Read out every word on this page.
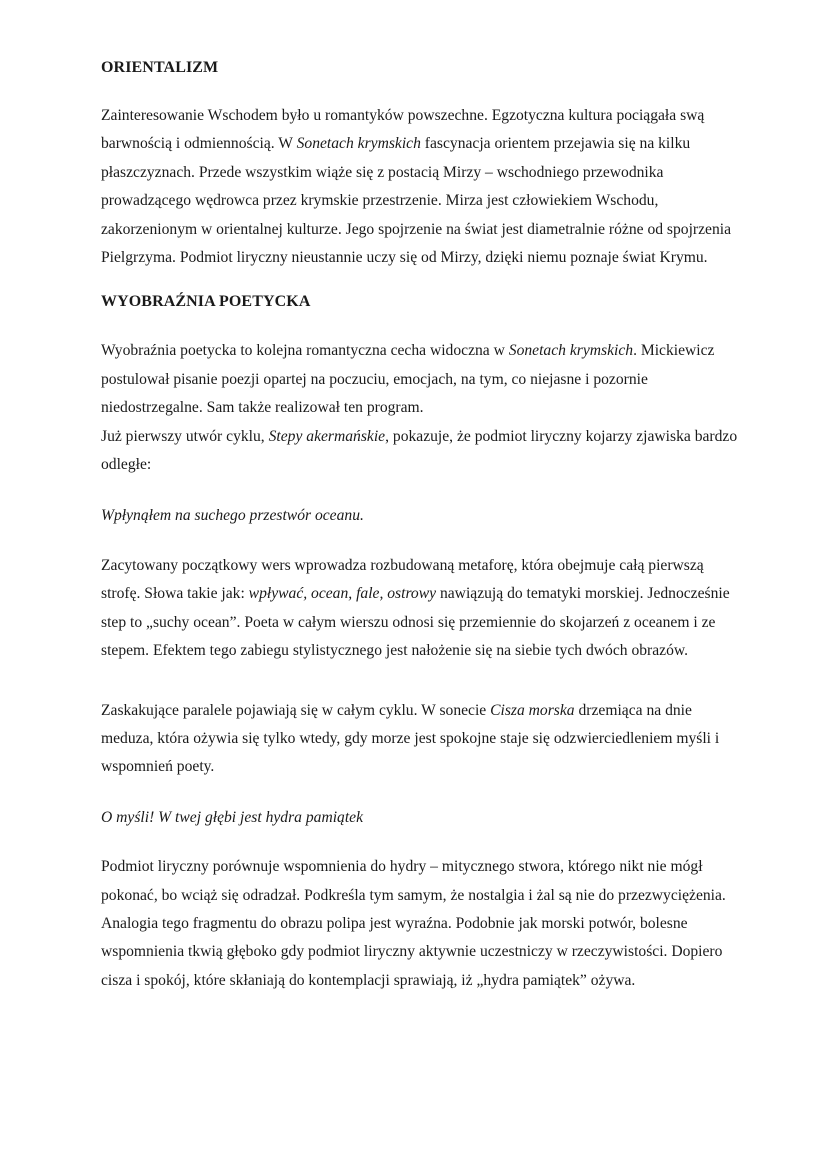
ORIENTALIZM

Zainteresowanie Wschodem było u romantyków powszechne. Egzotyczna kultura pociągała swą barwnością i odmiennością. W Sonetach krymskich fascynacja orientem przejawia się na kilku płaszczyznach. Przede wszystkim wiąże się z postacią Mirzy – wschodniego przewodnika prowadzącego wędrowca przez krymskie przestrzenie. Mirza jest człowiekiem Wschodu, zakorzenionym w orientalnej kulturze. Jego spojrzenie na świat jest diametralnie różne od spojrzenia Pielgrzyma. Podmiot liryczny nieustannie uczy się od Mirzy, dzięki niemu poznaje świat Krymu.

WYOBRAŹNIA POETYCKA

Wyobraźnia poetycka to kolejna romantyczna cecha widoczna w Sonetach krymskich. Mickiewicz postulował pisanie poezji opartej na poczuciu, emocjach, na tym, co niejasne i pozornie niedostrzegalne. Sam także realizował ten program.
Już pierwszy utwór cyklu, Stepy akermańskie, pokazuje, że podmiot liryczny kojarzy zjawiska bardzo odległe:

Wpłynąłem na suchego przestwór oceanu.

Zacytowany początkowy wers wprowadza rozbudowaną metaforę, która obejmuje całą pierwszą strofę. Słowa takie jak: wpływać, ocean, fale, ostrowy nawiązują do tematyki morskiej. Jednocześnie step to „suchy ocean”. Poeta w całym wierszu odnosi się przemiennie do skojarzeń z oceanem i ze stepem. Efektem tego zabiegu stylistycznego jest nałożenie się na siebie tych dwóch obrazów.

Zaskakujące paralele pojawiają się w całym cyklu. W sonecie Cisza morska drzemiąca na dnie meduza, która ożywia się tylko wtedy, gdy morze jest spokojne staje się odzwierciedleniem myśli i wspomnień poety.

O myśli! W twej głębi jest hydra pamiątek

Podmiot liryczny porównuje wspomnienia do hydry – mitycznego stwora, którego nikt nie mógł pokonać, bo wciąż się odradzał. Podkreśla tym samym, że nostalgia i żal są nie do przezwyciężenia. Analogia tego fragmentu do obrazu polipa jest wyraźna. Podobnie jak morski potwór, bolesne wspomnienia tkwią głęboko gdy podmiot liryczny aktywnie uczestniczy w rzeczywistości. Dopiero cisza i spokój, które skłaniają do kontemplacji sprawiają, iż „hydra pamiątek” ożywa.
